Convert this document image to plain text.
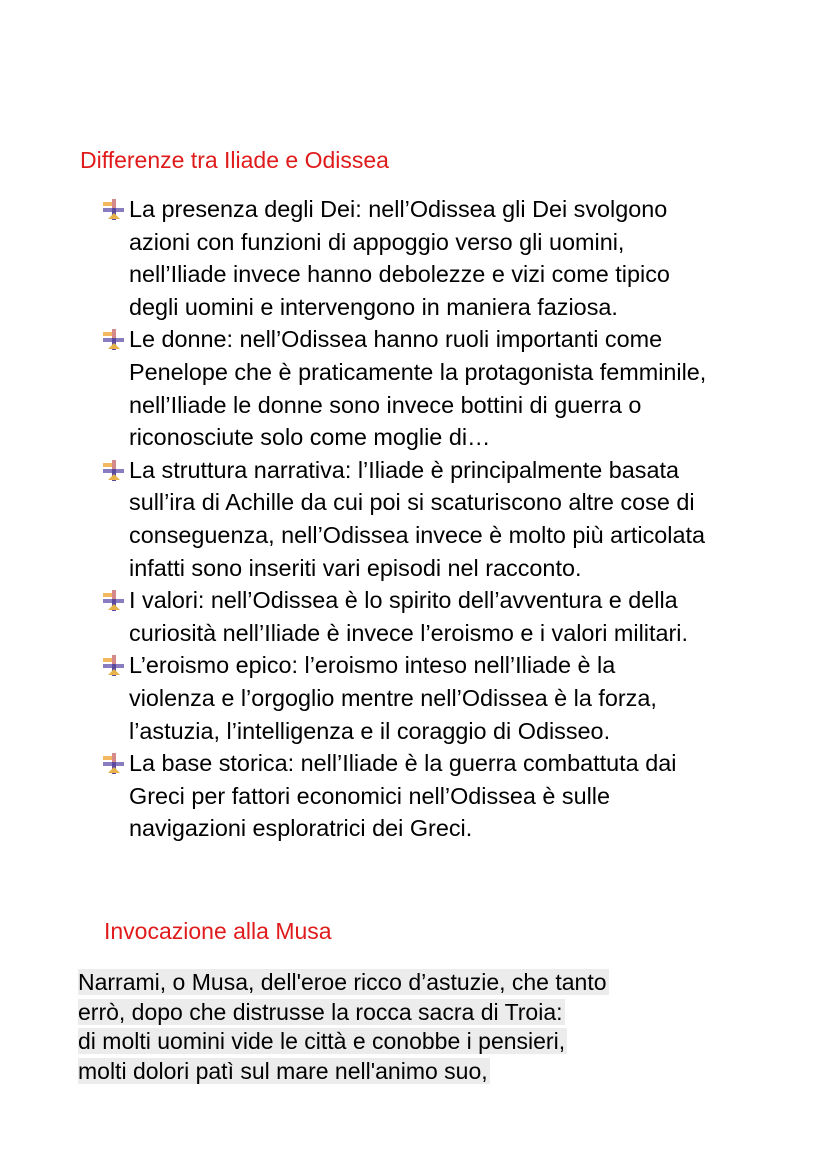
Differenze tra Iliade e Odissea
La presenza degli Dei: nell’Odissea gli Dei svolgono
azioni con funzioni di appoggio verso gli uomini,
nell’Iliade invece hanno debolezze e vizi come tipico
degli uomini e intervengono in maniera faziosa.
Le donne: nell’Odissea hanno ruoli importanti come
Penelope che è praticamente la protagonista femminile,
nell’Iliade le donne sono invece bottini di guerra o
riconosciute solo come moglie di…
La struttura narrativa: l’Iliade è principalmente basata
sull’ira di Achille da cui poi si scaturiscono altre cose di
conseguenza, nell’Odissea invece è molto più articolata
infatti sono inseriti vari episodi nel racconto.
I valori: nell’Odissea è lo spirito dell’avventura e della
curiosità nell’Iliade è invece l’eroismo e i valori militari.
L’eroismo epico: l’eroismo inteso nell’Iliade è la
violenza e l’orgoglio mentre nell’Odissea è la forza,
l’astuzia, l’intelligenza e il coraggio di Odisseo.
La base storica: nell’Iliade è la guerra combattuta dai
Greci per fattori economici nell’Odissea è sulle
navigazioni esploratrici dei Greci.
Invocazione alla Musa
Narrami, o Musa, dell'eroe ricco d’astuzie, che tanto
errò, dopo che distrusse la rocca sacra di Troia:
di molti uomini vide le città e conobbe i pensieri,
molti dolori patì sul mare nell'animo suo,
